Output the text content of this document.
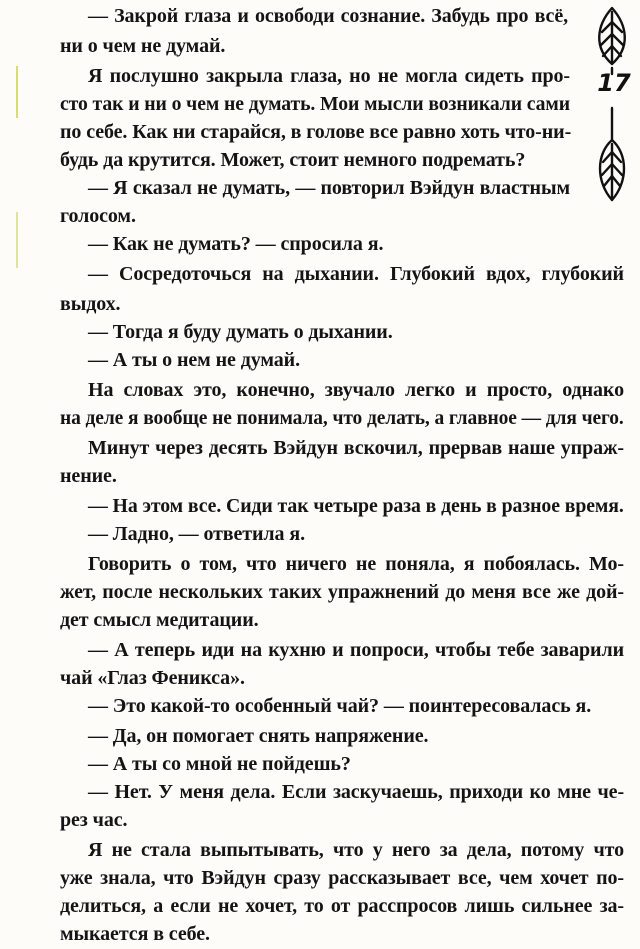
17
— Закрой глаза и освободи сознание. Забудь про всё,
ни о чем не думай.
Я послушно закрыла глаза, но не могла сидеть про-
сто так и ни о чем не думать. Мои мысли возникали сами
по себе. Как ни старайся, в голове все равно хоть что-ни-
будь да крутится. Может, стоит немного подремать?
— Я сказал не думать, — повторил Вэйдун властным
голосом.
— Как не думать? — спросила я.
— Сосредоточься на дыхании. Глубокий вдох, глубокий
выдох.
— Тогда я буду думать о дыхании.
— А ты о нем не думай.
На словах это, конечно, звучало легко и просто, однако
на деле я вообще не понимала, что делать, а главное — для чего.
Минут через десять Вэйдун вскочил, прервав наше упраж-
нение.
— На этом все. Сиди так четыре раза в день в разное время.
— Ладно, — ответила я.
Говорить о том, что ничего не поняла, я побоялась. Мо-
жет, после нескольких таких упражнений до меня все же дой-
дет смысл медитации.
— А теперь иди на кухню и попроси, чтобы тебе заварили
чай «Глаз Феникса».
— Это какой-то особенный чай? — поинтересовалась я.
— Да, он помогает снять напряжение.
— А ты со мной не пойдешь?
— Нет. У меня дела. Если заскучаешь, приходи ко мне че-
рез час.
Я не стала выпытывать, что у него за дела, потому что
уже знала, что Вэйдун сразу рассказывает все, чем хочет по-
делиться, а если не хочет, то от расспросов лишь сильнее за-
мыкается в себе.
